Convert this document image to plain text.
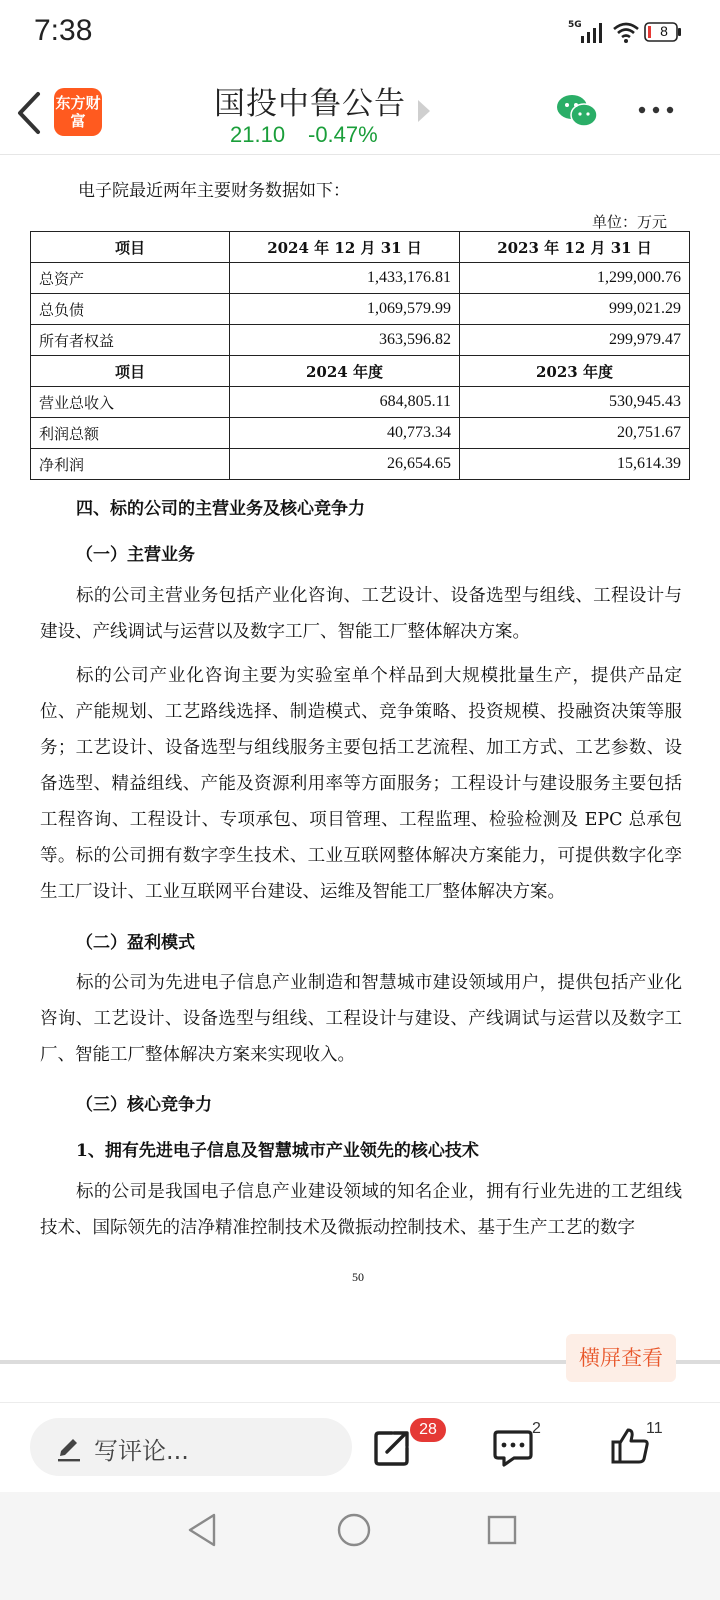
7:38	5G	8
东方财富	国投中鲁公告
21.10 -0.47%
电子院最近两年主要财务数据如下：
单位：万元
项目	2024 年 12 月 31 日	2023 年 12 月 31 日
总资产	1,433,176.81	1,299,000.76
总负债	1,069,579.99	999,021.29
所有者权益	363,596.82	299,979.47
项目	2024 年度	2023 年度
营业总收入	684,805.11	530,945.43
利润总额	40,773.34	20,751.67
净利润	26,654.65	15,614.39
四、标的公司的主营业务及核心竞争力
（一）主营业务
标的公司主营业务包括产业化咨询、工艺设计、设备选型与组线、工程设计与建设、产线调试与运营以及数字工厂、智能工厂整体解决方案。
标的公司产业化咨询主要为实验室单个样品到大规模批量生产，提供产品定位、产能规划、工艺路线选择、制造模式、竞争策略、投资规模、投融资决策等服务；工艺设计、设备选型与组线服务主要包括工艺流程、加工方式、工艺参数、设备选型、精益组线、产能及资源利用率等方面服务；工程设计与建设服务主要包括工程咨询、工程设计、专项承包、项目管理、工程监理、检验检测及 EPC 总承包等。标的公司拥有数字孪生技术、工业互联网整体解决方案能力，可提供数字化孪生工厂设计、工业互联网平台建设、运维及智能工厂整体解决方案。
（二）盈利模式
标的公司为先进电子信息产业制造和智慧城市建设领域用户，提供包括产业化咨询、工艺设计、设备选型与组线、工程设计与建设、产线调试与运营以及数字工厂、智能工厂整体解决方案来实现收入。
（三）核心竞争力
1、拥有先进电子信息及智慧城市产业领先的核心技术
标的公司是我国电子信息产业建设领域的知名企业，拥有行业先进的工艺组线技术、国际领先的洁净精准控制技术及微振动控制技术、基于生产工艺的数字
50
横屏查看
写评论...
28	2	11
